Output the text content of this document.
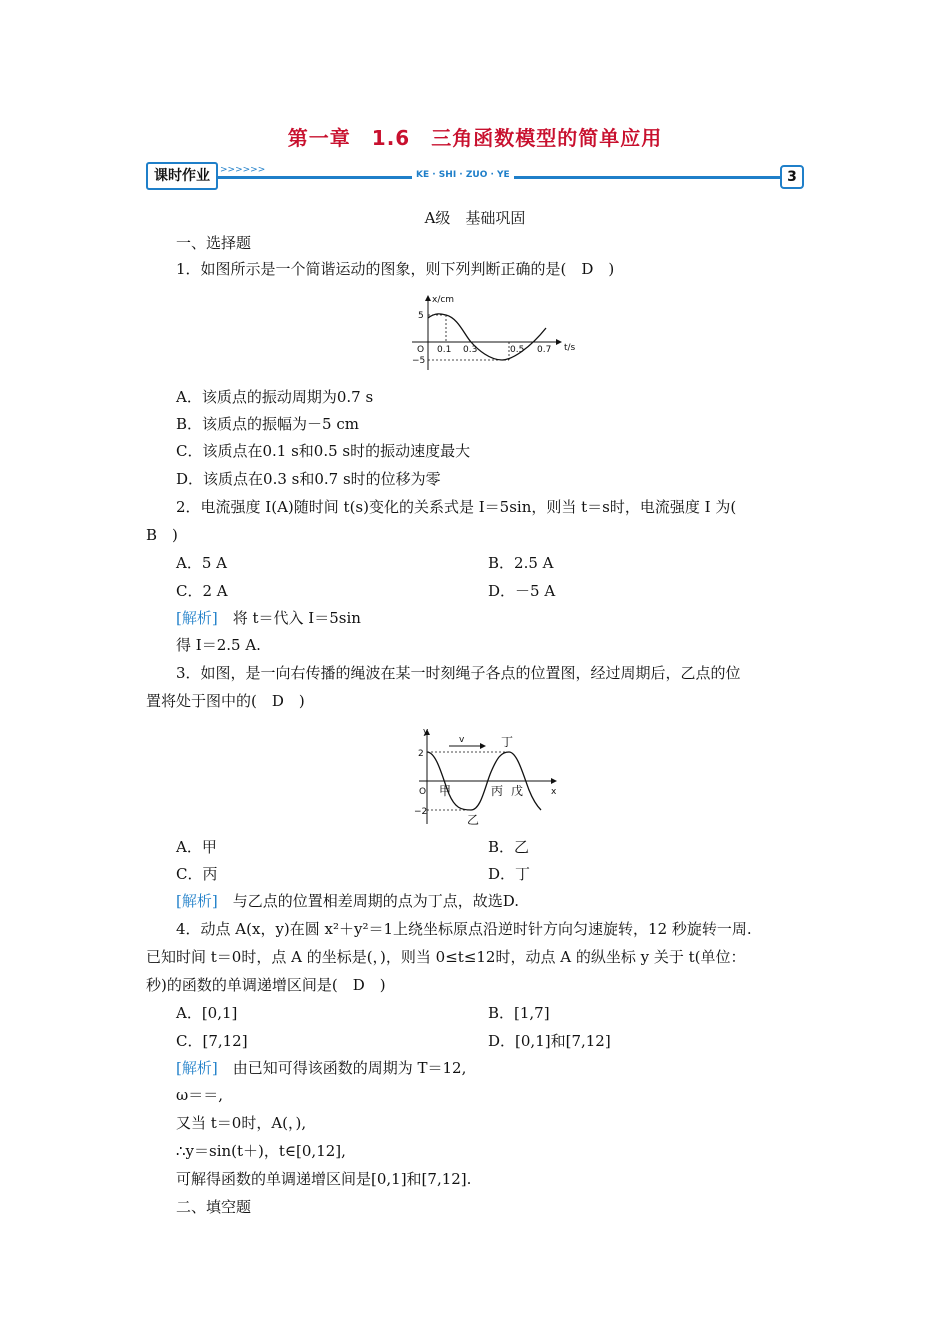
第一章　1.6　三角函数模型的简单应用
课时作业	>>>>>>	KE · SHI · ZUO · YE	3
A级　基础巩固
一、选择题
1．如图所示是一个简谐运动的图象，则下列判断正确的是(　D　)
x/cm
t/s
O
5
−5
0.1 0.3	0.5 0.7
A．该质点的振动周期为0.7 s
B．该质点的振幅为－5 cm
C．该质点在0.1 s和0.5 s时的振动速度最大
D．该质点在0.3 s和0.7 s时的位移为零
2．电流强度 I(A)随时间 t(s)变化的关系式是 I＝5sin，则当 t＝s时，电流强度 I 为(
B　)
A．5 A	B．2.5 A
C．2 A	D．－5 A
[解析]　将 t＝代入 I＝5sin
得 I＝2.5 A.
3．如图，是一向右传播的绳波在某一时刻绳子各点的位置图，经过周期后，乙点的位
置将处于图中的(　D　)
y
x
O
2
−2
v	丁
甲
乙
丙 戊
A．甲	B．乙
C．丙	D．丁
[解析]　与乙点的位置相差周期的点为丁点，故选D.
4．动点 A(x，y)在圆 x²＋y²＝1上绕坐标原点沿逆时针方向匀速旋转，12 秒旋转一周.
已知时间 t＝0时，点 A 的坐标是(，)，则当 0≤t≤12时，动点 A 的纵坐标 y 关于 t(单位：
秒)的函数的单调递增区间是(　D　)
A．[0,1]	B．[1,7]
C．[7,12]	D．[0,1]和[7,12]
[解析]　由已知可得该函数的周期为 T＝12,
ω＝＝,
又当 t＝0时，A(，),
∴y＝sin(t＋)，t∈[0,12],
可解得函数的单调递增区间是[0,1]和[7,12].
二、填空题
